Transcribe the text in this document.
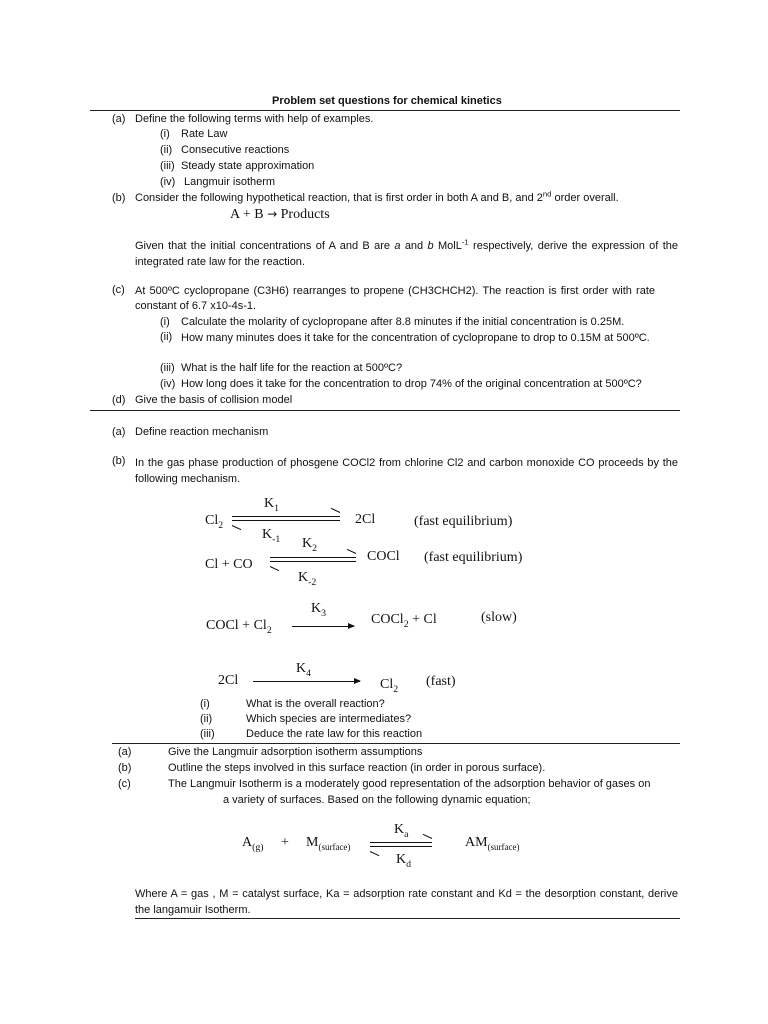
Problem set questions for chemical kinetics
(a) Define the following terms with help of examples.
(i) Rate Law
(ii) Consecutive reactions
(iii) Steady state approximation
(iv) Langmuir isotherm
(b) Consider the following hypothetical reaction, that is first order in both A and B, and 2nd order overall.
A + B → Products
Given that the initial concentrations of A and B are a and b MolL$^{-1}$ respectively, derive the expression of the integrated rate law for the reaction.
(c) At 500ºC cyclopropane (C3H6) rearranges to propene (CH3CHCH2). The reaction is first order with rate constant of 6.7 x10-4s-1.
(i) Calculate the molarity of cyclopropane after 8.8 minutes if the initial concentration is 0.25M.
(ii) How many minutes does it take for the concentration of cyclopropane to drop to 0.15M at 500ºC.
(iii) What is the half life for the reaction at 500ºC?
(iv) How long does it take for the concentration to drop 74% of the original concentration at 500ºC?
(d) Give the basis of collision model
(a) Define reaction mechanism
(b) In the gas phase production of phosgene COCl2 from chlorine Cl2 and carbon monoxide CO proceeds by the following mechanism.
$K_1$
$Cl_2$	2Cl	(fast equilibrium)
$K_{-1}$ $K_2$
COCl (fast equilibrium)
Cl + CO
$K_{-2}$
$K_3$
COCl + $Cl_2$
COCl$_2$ + Cl	(slow)
$K_4$
2Cl	$Cl_2$
(fast)
(i)	What is the overall reaction?
(ii)	Which species are intermediates?
(iii)	Deduce the rate law for this reaction
(a)	Give the Langmuir adsorption isotherm assumptions
(b)	Outline the steps involved in this surface reaction (in order in porous surface).
(c)	The Langmuir Isotherm is a moderately good representation of the adsorption behavior of gases on
a variety of surfaces. Based on the following dynamic equation;
$K_a$
$A_{(g)} + M_{(surface)}$	$AM_{(surface)}$
$K_d$
Where A = gas , M = catalyst surface, Ka = adsorption rate constant and Kd = the desorption constant, derive the langamuir Isotherm.
